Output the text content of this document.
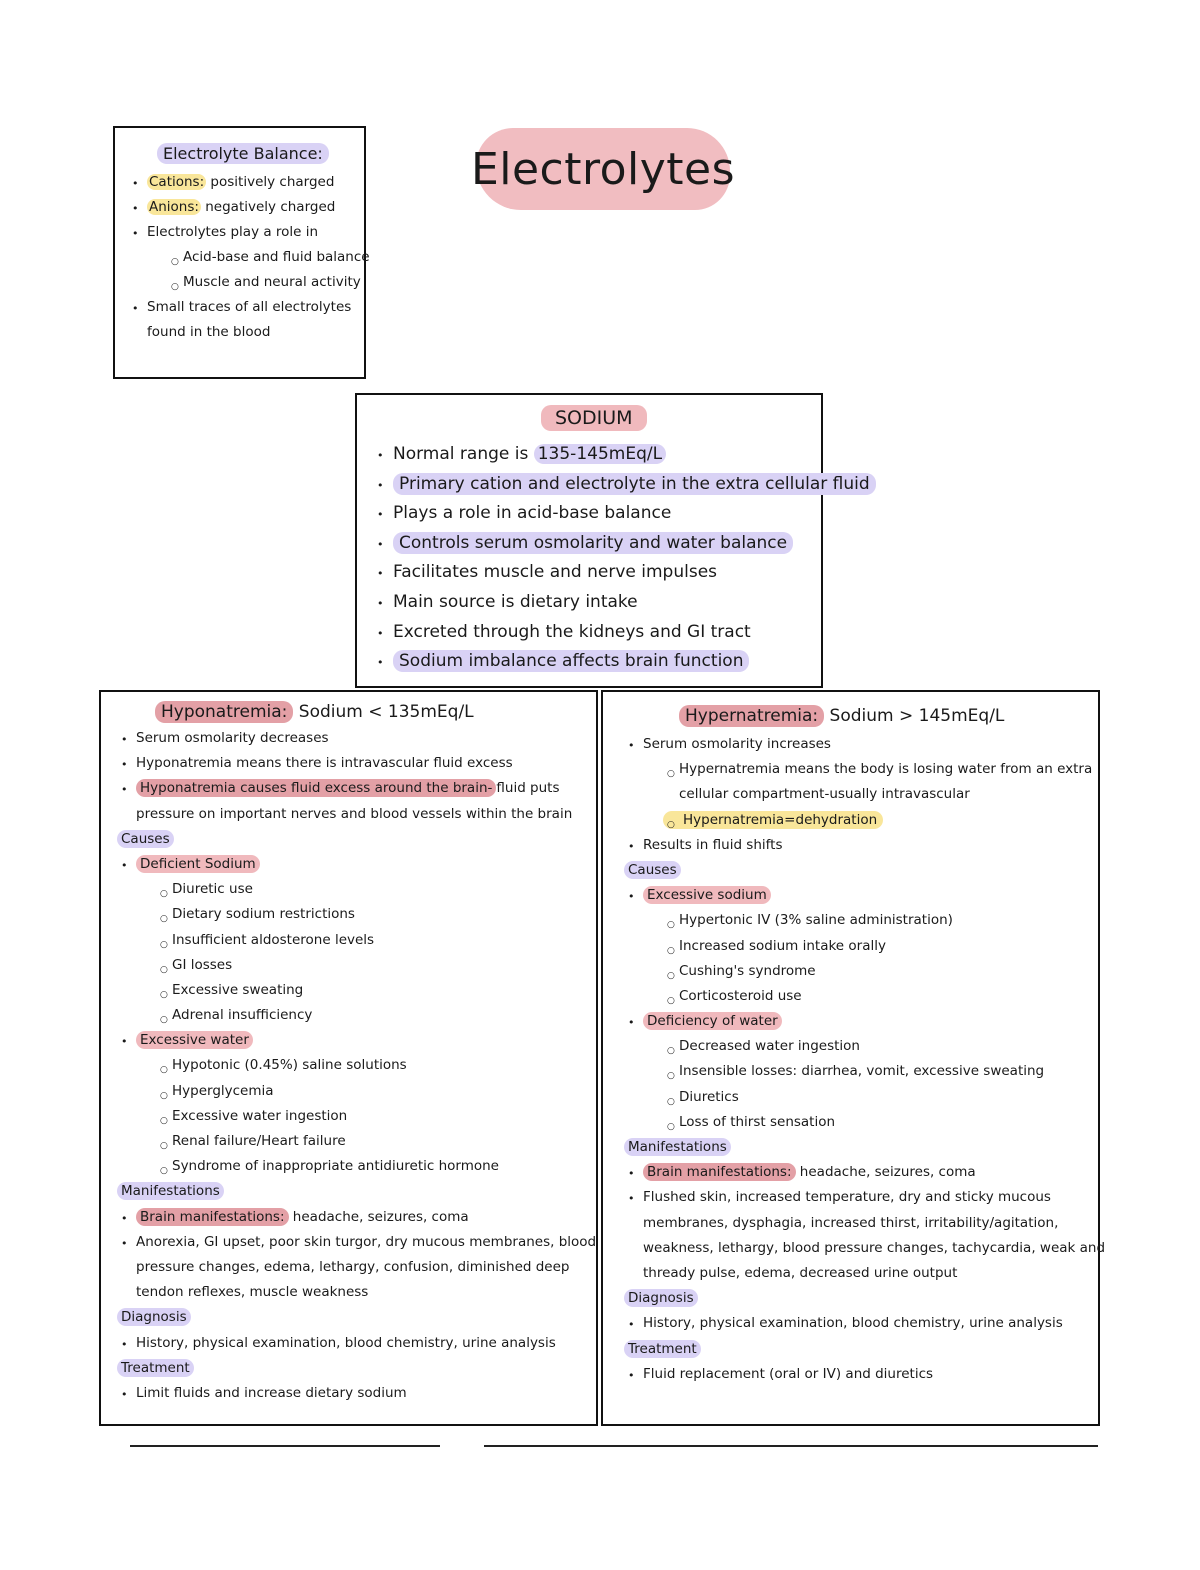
Electrolytes
Electrolyte Balance:
• Cations: positively charged
• Anions: negatively charged
• Electrolytes play a role in
○ Acid-base and fluid balance
○ Muscle and neural activity
• Small traces of all electrolytes
found in the blood
SODIUM
• Normal range is 135-145mEq/L
• Primary cation and electrolyte in the extra cellular fluid
• Plays a role in acid-base balance
• Controls serum osmolarity and water balance
• Facilitates muscle and nerve impulses
• Main source is dietary intake
• Excreted through the kidneys and GI tract
• Sodium imbalance affects brain function
Hyponatremia: Sodium < 135mEq/L
• Serum osmolarity decreases
• Hyponatremia means there is intravascular fluid excess
• Hyponatremia causes fluid excess around the brain- fluid puts
pressure on important nerves and blood vessels within the brain
Causes
• Deficient Sodium
○ Diuretic use
○ Dietary sodium restrictions
○ Insufficient aldosterone levels
○ GI losses
○ Excessive sweating
○ Adrenal insufficiency
• Excessive water
○ Hypotonic (0.45%) saline solutions
○ Hyperglycemia
○ Excessive water ingestion
○ Renal failure/Heart failure
○ Syndrome of inappropriate antidiuretic hormone
Manifestations
• Brain manifestations: headache, seizures, coma
• Anorexia, GI upset, poor skin turgor, dry mucous membranes, blood
pressure changes, edema, lethargy, confusion, diminished deep
tendon reflexes, muscle weakness
Diagnosis
• History, physical examination, blood chemistry, urine analysis
Treatment
• Limit fluids and increase dietary sodium
Hypernatremia: Sodium > 145mEq/L
• Serum osmolarity increases
○ Hypernatremia means the body is losing water from an extra
cellular compartment-usually intravascular
○ Hypernatremia=dehydration
• Results in fluid shifts
Causes
• Excessive sodium
○ Hypertonic IV (3% saline administration)
○ Increased sodium intake orally
○ Cushing's syndrome
○ Corticosteroid use
• Deficiency of water
○ Decreased water ingestion
○ Insensible losses: diarrhea, vomit, excessive sweating
○ Diuretics
○ Loss of thirst sensation
Manifestations
• Brain manifestations: headache, seizures, coma
• Flushed skin, increased temperature, dry and sticky mucous
membranes, dysphagia, increased thirst, irritability/agitation,
weakness, lethargy, blood pressure changes, tachycardia, weak and
thready pulse, edema, decreased urine output
Diagnosis
• History, physical examination, blood chemistry, urine analysis
Treatment
• Fluid replacement (oral or IV) and diuretics
